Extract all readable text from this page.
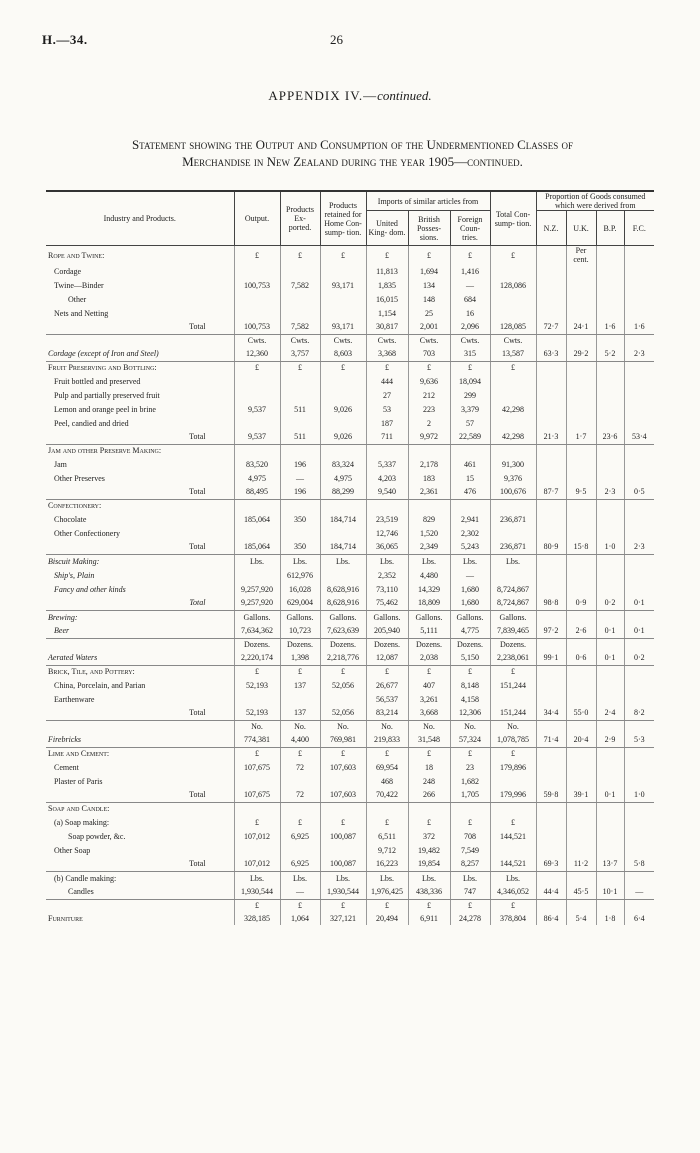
H.—34.	26
APPENDIX IV.—continued.
Statement showing the Output and Consumption of the Undermentioned Classes of
Merchandise in New Zealand during the year 1905—continued.
Industry and Products.	Output.	Products Ex- ported.	Products retained for Home Con- sump- tion.	Imports of similar articles from			Total Con- sump- tion.	Proportion of Goods consumed which were derived from			
				United King- dom.	British Posses- sions.	Foreign Coun- tries.		N.Z.	U.K.	B.P.	F.C.
Rope and Twine:	£	£	£	£	£	£	£		Per cent.		
Cordage				11,813	1,694	1,416					
Twine—Binder	100,753	7,582	93,171	1,835	134	—	128,086				
Other				16,015	148	684					
Nets and Netting				1,154	25	16					
Total	100,753	7,582	93,171	30,817	2,001	2,096	128,085	72·7	24·1	1·6	1·6
	Cwts.	Cwts.	Cwts.	Cwts.	Cwts.	Cwts.	Cwts.				
Cordage (except of Iron and Steel)	12,360	3,757	8,603	3,368	703	315	13,587	63·3	29·2	5·2	2·3
Fruit Preserving and Bottling:	£	£	£	£	£	£	£				
Fruit bottled and preserved				444	9,636	18,094					
Pulp and partially preserved fruit				27	212	299					
Lemon and orange peel in brine	9,537	511	9,026	53	223	3,379	42,298				
Peel, candied and dried				187	2	57					
Total	9,537	511	9,026	711	9,972	22,589	42,298	21·3	1·7	23·6	53·4
Jam and other Preserve Making:											
Jam	83,520	196	83,324	5,337	2,178	461	91,300				
Other Preserves	4,975	—	4,975	4,203	183	15	9,376				
Total	88,495	196	88,299	9,540	2,361	476	100,676	87·7	9·5	2·3	0·5
Confectionery:											
Chocolate	185,064	350	184,714	23,519	829	2,941	236,871				
Other Confectionery				12,746	1,520	2,302					
Total	185,064	350	184,714	36,065	2,349	5,243	236,871	80·9	15·8	1·0	2·3
Biscuit Making:	Lbs.	Lbs.	Lbs.	Lbs.	Lbs.	Lbs.	Lbs.				
Ship's, Plain		612,976		2,352	4,480	—					
Fancy and other kinds	9,257,920	16,028	8,628,916	73,110	14,329	1,680	8,724,867				
Total	9,257,920	629,004	8,628,916	75,462	18,809	1,680	8,724,867	98·8	0·9	0·2	0·1
Brewing:	Gallons.	Gallons.	Gallons.	Gallons.	Gallons.	Gallons.	Gallons.				
Beer	7,634,362	10,723	7,623,639	205,940	5,111	4,775	7,839,465	97·2	2·6	0·1	0·1
	Dozens.	Dozens.	Dozens.	Dozens.	Dozens.	Dozens.	Dozens.				
Aerated Waters	2,220,174	1,398	2,218,776	12,087	2,038	5,150	2,238,061	99·1	0·6	0·1	0·2
Brick, Tile, and Pottery:	£	£	£	£	£	£	£				
China, Porcelain, and Parian	52,193	137	52,056	26,677	407	8,148	151,244				
Earthenware				56,537	3,261	4,158					
Total	52,193	137	52,056	83,214	3,668	12,306	151,244	34·4	55·0	2·4	8·2
	No.	No.	No.	No.	No.	No.	No.				
Firebricks	774,381	4,400	769,981	219,833	31,548	57,324	1,078,785	71·4	20·4	2·9	5·3
Lime and Cement:	£	£	£	£	£	£	£				
Cement	107,675	72	107,603	69,954	18	23	179,896				
Plaster of Paris				468	248	1,682					
Total	107,675	72	107,603	70,422	266	1,705	179,996	59·8	39·1	0·1	1·0
Soap and Candle:											
(a) Soap making:	£	£	£	£	£	£	£				
Soap powder, &c.	107,012	6,925	100,087	6,511	372	708	144,521				
Other Soap				9,712	19,482	7,549					
Total	107,012	6,925	100,087	16,223	19,854	8,257	144,521	69·3	11·2	13·7	5·8
(b) Candle making:	Lbs.	Lbs.	Lbs.	Lbs.	Lbs.	Lbs.	Lbs.				
Candles	1,930,544	—	1,930,544	1,976,425	438,336	747	4,346,052	44·4	45·5	10·1	—
	£	£	£	£	£	£	£				
Furniture	328,185	1,064	327,121	20,494	6,911	24,278	378,804	86·4	5·4	1·8	6·4
